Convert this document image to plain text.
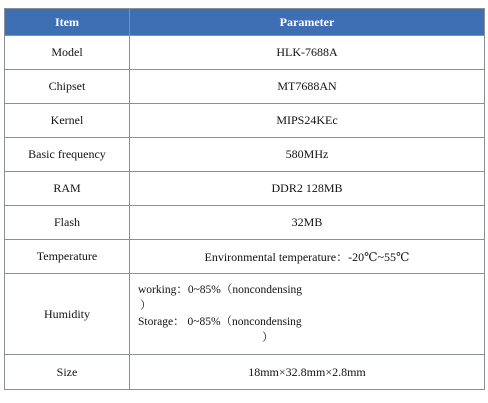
Item	Parameter
Model	HLK-7688A
Chipset	MT7688AN
Kernel	MIPS24KEc
Basic frequency	580MHz
RAM	DDR2 128MB
Flash	32MB
Temperature	Environmental temperature：-20℃~55℃
Humidity	working：0~85%（noncondensing
）
Storage： 0~85%（noncondensing
）

Size	18mm×32.8mm×2.8mm
